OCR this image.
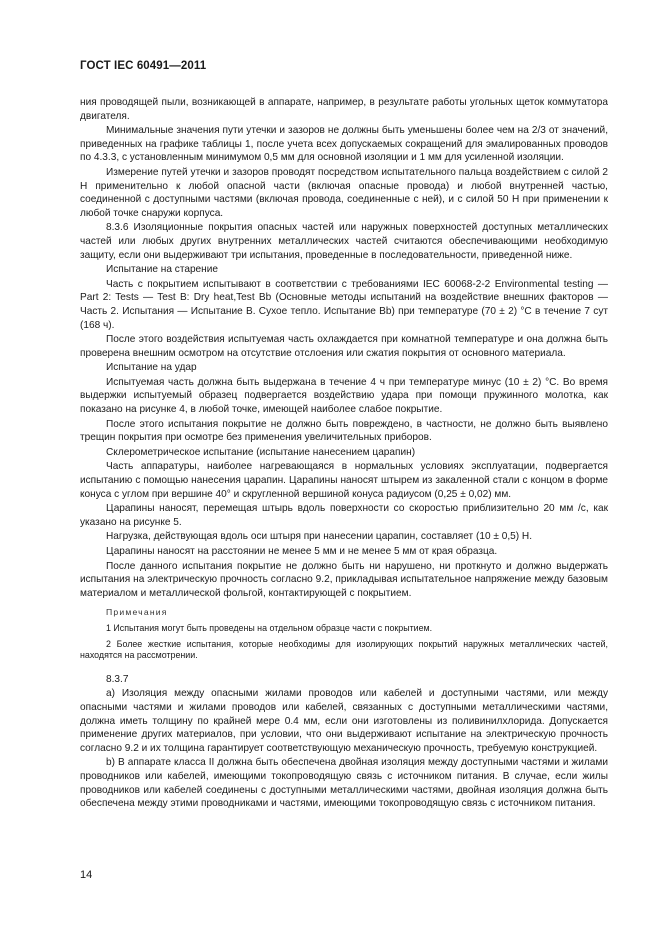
ГОСТ IEC 60491—2011

ния проводящей пыли, возникающей в аппарате, например, в результате работы угольных щеток коммутатора двигателя.

Минимальные значения пути утечки и зазоров не должны быть уменьшены более чем на 2/3 от значений, приведенных на графике таблицы 1, после учета всех допускаемых сокращений для эмалированных проводов по 4.3.3, с установленным минимумом 0,5 мм для основной изоляции и 1 мм для усиленной изоляции.

Измерение путей утечки и зазоров проводят посредством испытательного пальца воздействием с силой 2 Н применительно к любой опасной части (включая опасные провода) и любой внутренней частью, соединенной с доступными частями (включая провода, соединенные с ней), и с силой 50 Н при применении к любой точке снаружи корпуса.

8.3.6 Изоляционные покрытия опасных частей или наружных поверхностей доступных металлических частей или любых других внутренних металлических частей считаются обеспечивающими необходимую защиту, если они выдерживают три испытания, проведенные в последовательности, приведенной ниже.

Испытание на старение

Часть с покрытием испытывают в соответствии с требованиями IEC 60068-2-2 Environmental testing — Part 2: Tests — Test B: Dry heat,Test Bb (Основные методы испытаний на воздействие внешних факторов — Часть 2. Испытания — Испытание В. Сухое тепло. Испытание Bb) при температуре (70 ± 2) °С в течение 7 сут (168 ч).

После этого воздействия испытуемая часть охлаждается при комнатной температуре и она должна быть проверена внешним осмотром на отсутствие отслоения или сжатия покрытия от основного материала.

Испытание на удар

Испытуемая часть должна быть выдержана в течение 4 ч при температуре минус (10 ± 2) °С. Во время выдержки испытуемый образец подвергается воздействию удара при помощи пружинного молотка, как показано на рисунке 4, в любой точке, имеющей наиболее слабое покрытие.

После этого испытания покрытие не должно быть повреждено, в частности, не должно быть выявлено трещин покрытия при осмотре без применения увеличительных приборов.

Склерометрическое испытание (испытание нанесением царапин)

Часть аппаратуры, наиболее нагревающаяся в нормальных условиях эксплуатации, подвергается испытанию с помощью нанесения царапин. Царапины наносят штырем из закаленной стали с концом в форме конуса с углом при вершине 40° и скругленной вершиной конуса радиусом (0,25 ± 0,02) мм.

Царапины наносят, перемещая штырь вдоль поверхности со скоростью приблизительно 20 мм /с, как указано на рисунке 5.

Нагрузка, действующая вдоль оси штыря при нанесении царапин, составляет (10 ± 0,5) Н.

Царапины наносят на расстоянии не менее 5 мм и не менее 5 мм от края образца.

После данного испытания покрытие не должно быть ни нарушено, ни проткнуто и должно выдержать испытания на электрическую прочность согласно 9.2, прикладывая испытательное напряжение между базовым материалом и металлической фольгой, контактирующей с покрытием.

Примечания
1 Испытания могут быть проведены на отдельном образце части с покрытием.
2 Более жесткие испытания, которые необходимы для изолирующих покрытий наружных металлических частей, находятся на рассмотрении.

8.3.7

a) Изоляция между опасными жилами проводов или кабелей и доступными частями, или между опасными частями и жилами проводов или кабелей, связанных с доступными металлическими частями, должна иметь толщину по крайней мере 0.4 мм, если они изготовлены из поливинилхлорида. Допускается применение других материалов, при условии, что они выдерживают испытание на электрическую прочность согласно 9.2 и их толщина гарантирует соответствующую механическую прочность, требуемую конструкцией.

b) В аппарате класса II должна быть обеспечена двойная изоляция между доступными частями и жилами проводников или кабелей, имеющими токопроводящую связь с источником питания. В случае, если жилы проводников или кабелей соединены с доступными металлическими частями, двойная изоляция должна быть обеспечена между этими проводниками и частями, имеющими токопроводящую связь с источником питания.

14
